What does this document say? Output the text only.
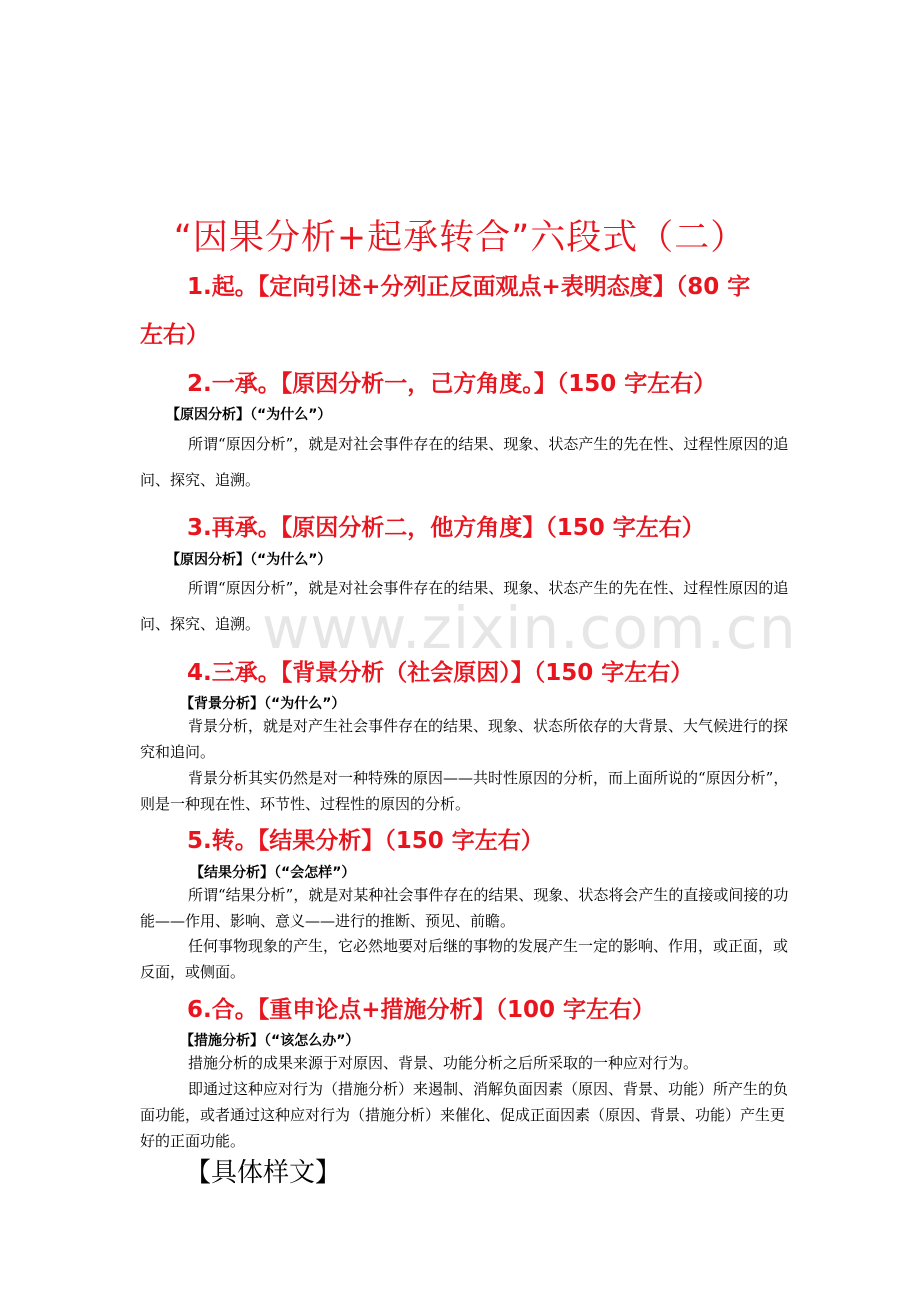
www.zixin.com.cn
“因果分析+起承转合”六段式（二）
1.起。【定向引述+分列正反面观点+表明态度】（80 字
左右）
2.一承。【原因分析一，己方角度。】（150 字左右）
【原因分析】（“为什么”）

所谓“原因分析”，就是对社会事件存在的结果、现象、状态产生的先在性、过程性原因的追问、探究、追溯。

3.再承。【原因分析二，他方角度】（150 字左右）
【原因分析】（“为什么”）

所谓“原因分析”，就是对社会事件存在的结果、现象、状态产生的先在性、过程性原因的追问、探究、追溯。

4.三承。【背景分析（社会原因）】（150 字左右）
【背景分析】（“为什么”）

背景分析，就是对产生社会事件存在的结果、现象、状态所依存的大背景、大气候进行的探究和追问。

背景分析其实仍然是对一种特殊的原因——共时性原因的分析，而上面所说的“原因分析”，则是一种现在性、环节性、过程性的原因的分析。

5.转。【结果分析】（150 字左右）
【结果分析】（“会怎样”）

所谓“结果分析”，就是对某种社会事件存在的结果、现象、状态将会产生的直接或间接的功能——作用、影响、意义——进行的推断、预见、前瞻。

任何事物现象的产生，它必然地要对后继的事物的发展产生一定的影响、作用，或正面，或反面，或侧面。

6.合。【重申论点+措施分析】（100 字左右）
【措施分析】（“该怎么办”）

措施分析的成果来源于对原因、背景、功能分析之后所采取的一种应对行为。

即通过这种应对行为（措施分析）来遏制、消解负面因素（原因、背景、功能）所产生的负面功能，或者通过这种应对行为（措施分析）来催化、促成正面因素（原因、背景、功能）产生更好的正面功能。

【具体样文】
